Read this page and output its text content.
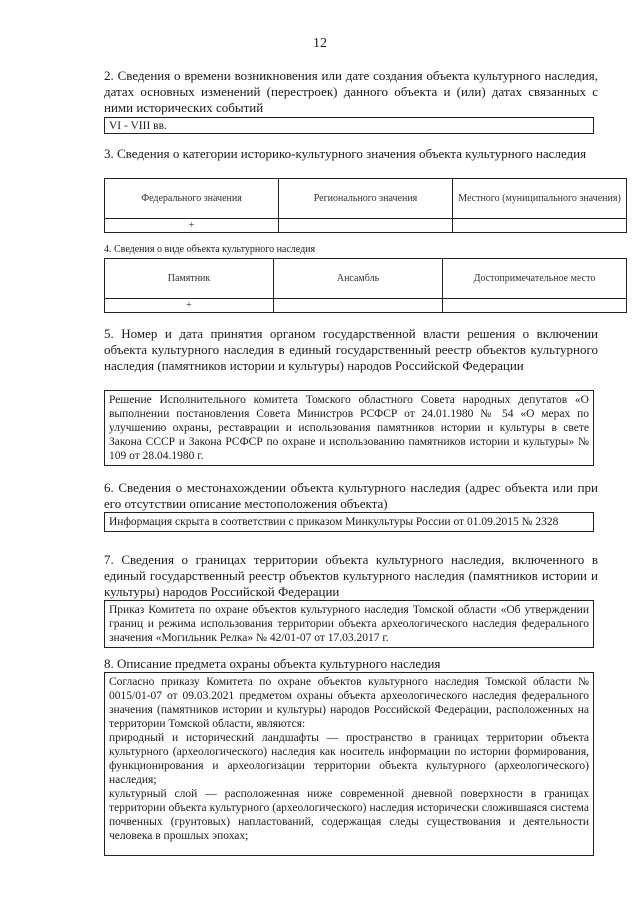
12
2. Сведения о времени возникновения или дате создания объекта культурного наследия, датах основных изменений (перестроек) данного объекта и (или) датах связанных с ними исторических событий
VI - VIII вв.
3. Сведения о категории историко-культурного значения объекта культурного наследия
Федерального значения	Регионального значения	Местного (муниципального значения)
+		
4. Сведения о виде объекта культурного наследия
Памятник	Ансамбль	Достопримечательное место
+		
5. Номер и дата принятия органом государственной власти решения о включении объекта культурного наследия в единый государственный реестр объектов культурного наследия (памятников истории и культуры) народов Российской Федерации
Решение Исполнительного комитета Томского областного Совета народных депутатов «О выполнении постановления Совета Министров РСФСР от 24.01.1980 № 54 «О мерах по улучшению охраны, реставрации и использования памятников истории и культуры в свете Закона СССР и Закона РСФСР по охране и использованию памятников истории и культуры» № 109 от 28.04.1980 г.
6. Сведения о местонахождении объекта культурного наследия (адрес объекта или при его отсутствии описание местоположения объекта)
Информация скрыта в соответствии с приказом Минкультуры России от 01.09.2015 № 2328
7. Сведения о границах территории объекта культурного наследия, включенного в единый государственный реестр объектов культурного наследия (памятников истории и культуры) народов Российской Федерации
Приказ Комитета по охране объектов культурного наследия Томской области «Об утверждении границ и режима использования территории объекта археологического наследия федерального значения «Могильник Релка» № 42/01-07 от 17.03.2017 г.
8. Описание предмета охраны объекта культурного наследия

Согласно приказу Комитета по охране объектов культурного наследия Томской области № 0015/01-07 от 09.03.2021 предметом охраны объекта археологического наследия федерального значения (памятников истории и культуры) народов Российской Федерации, расположенных на территории Томской области, являются:

природный и исторический ландшафты — пространство в границах территории объекта культурного (археологического) наследия как носитель информации по истории формирования, функционирования и археологизации территории объекта культурного (археологического) наследия;

культурный слой — расположенная ниже современной дневной поверхности в границах территории объекта культурного (археологического) наследия исторически сложившаяся система почвенных (грунтовых) напластований, содержащая следы существования и деятельности человека в прошлых эпохах;
